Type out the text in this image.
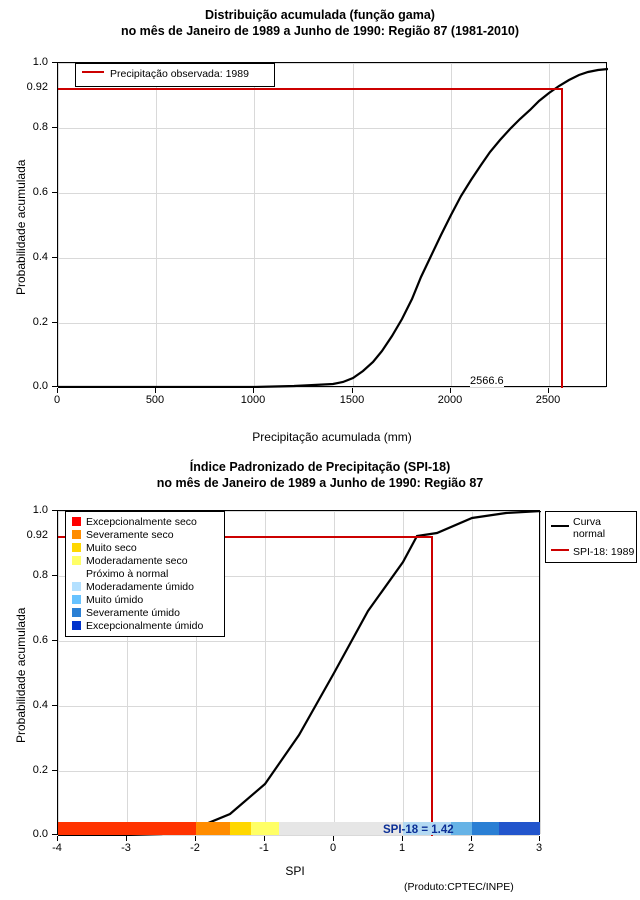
Distribuição acumulada (função gama)
no mês de Janeiro de 1989 a Junho de 1990: Região 87 (1981-2010)
1.0
0.8
0.6
0.4
0.2
0.0
0.92
0	500	1000	1500	2000	2500
2566.6
Probabilidade acumulada
Precipitação acumulada (mm)
Precipitação observada: 1989
Índice Padronizado de Precipitação (SPI-18)
no mês de Janeiro de 1989 a Junho de 1990: Região 87
1.0
0.8
0.6
0.4
0.2
0.0
0.92
SPI-18 = 1.42
-4	-3	-2	-1	0	1	2	3
Probabilidade acumulada
SPI
(Produto:CPTEC/INPE)
Excepcionalmente seco
Severamente seco
Muito seco
Moderadamente seco
Próximo à normal
Moderadamente úmido
Muito úmido
Severamente úmido
Excepcionalmente úmido
Curva normal
SPI-18: 1989
